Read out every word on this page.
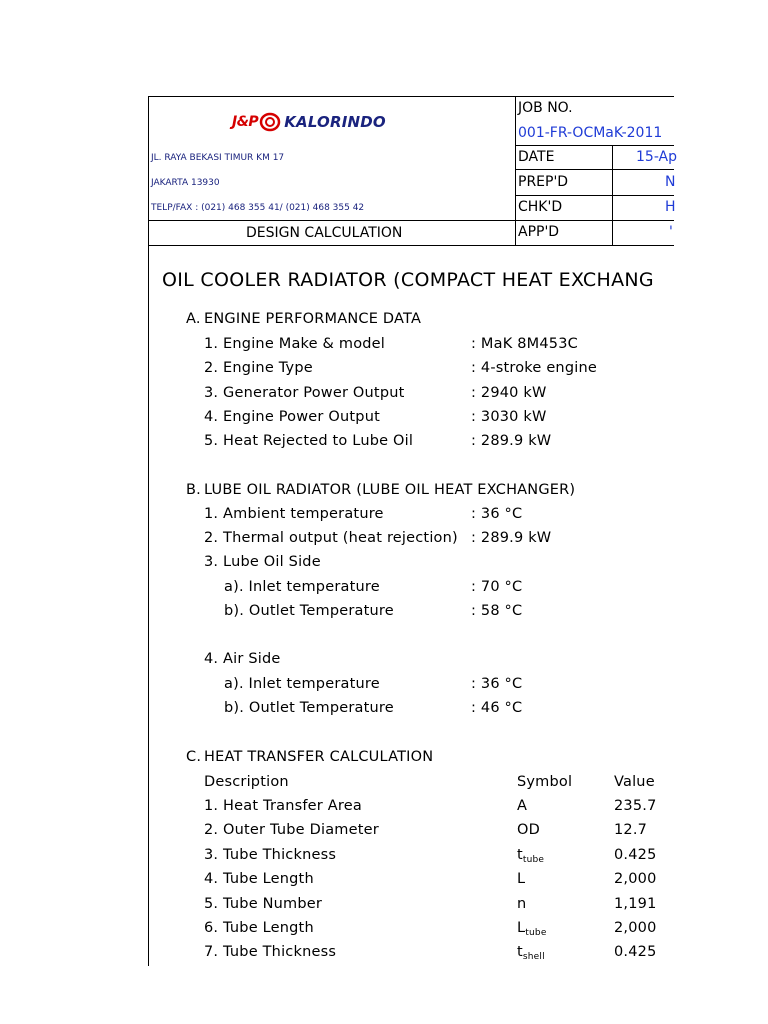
J&P KALORINDO
JL. RAYA BEKASI TIMUR KM 17
JAKARTA 13930
TELP/FAX : (021) 468 355 41/ (021) 468 355 42
DESIGN CALCULATION
JOB NO.
001-FR-OCMaK-2011
DATE	15-Ap
PREP'D	N
CHK'D	H
APP'D	'
OIL COOLER RADIATOR (COMPACT HEAT EXCHANG
A. ENGINE PERFORMANCE DATA
1. Engine Make & model	: MaK 8M453C
2. Engine Type	: 4-stroke engine
3. Generator Power Output	: 2940 kW
4. Engine Power Output	: 3030 kW
5. Heat Rejected to Lube Oil	: 289.9 kW
B. LUBE OIL RADIATOR (LUBE OIL HEAT EXCHANGER)
1. Ambient temperature	: 36 °C
2. Thermal output (heat rejection) : 289.9 kW
3. Lube Oil Side
a). Inlet temperature	: 70 °C
b). Outlet Temperature	: 58 °C
4. Air Side
a). Inlet temperature	: 36 °C
b). Outlet Temperature	: 46 °C
C. HEAT TRANSFER CALCULATION
Description	Symbol	Value
1. Heat Transfer Area	A	235.7
2. Outer Tube Diameter	OD	12.7
3. Tube Thickness	$t_{tube}$	0.425
4. Tube Length	L	2,000
5. Tube Number	n	1,191
6. Tube Length	$L_{tube}$	2,000
7. Tube Thickness	$t_{shell}$	0.425
